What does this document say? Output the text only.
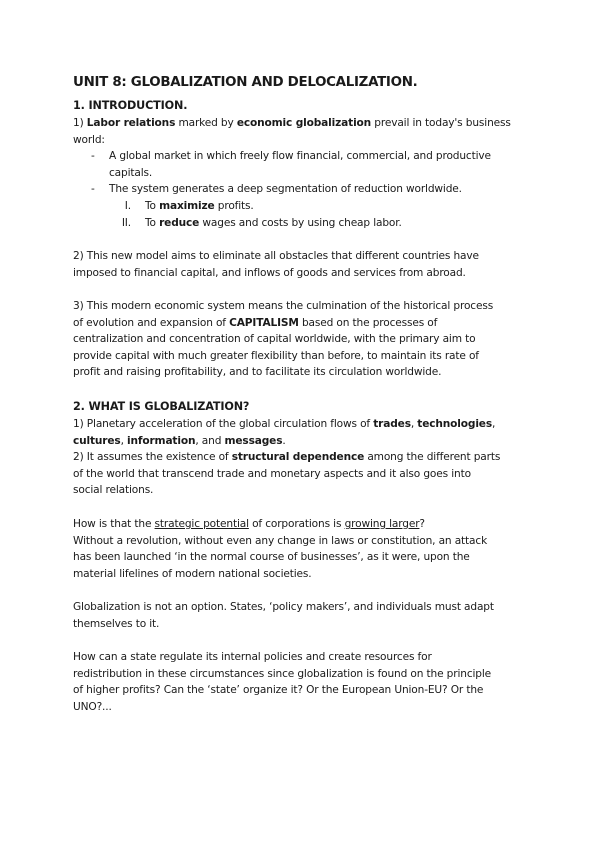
UNIT 8: GLOBALIZATION AND DELOCALIZATION.
1. INTRODUCTION.
1) Labor relations marked by economic globalization prevail in today's business
world:
- A global market in which freely flow financial, commercial, and productive
capitals.
- The system generates a deep segmentation of reduction worldwide.
I. To maximize profits.
II. To reduce wages and costs by using cheap labor.
2) This new model aims to eliminate all obstacles that different countries have
imposed to financial capital, and inflows of goods and services from abroad.
3) This modern economic system means the culmination of the historical process
of evolution and expansion of CAPITALISM based on the processes of
centralization and concentration of capital worldwide, with the primary aim to
provide capital with much greater flexibility than before, to maintain its rate of
profit and raising profitability, and to facilitate its circulation worldwide.
2. WHAT IS GLOBALIZATION?
1) Planetary acceleration of the global circulation flows of trades, technologies,
cultures, information, and messages.
2) It assumes the existence of structural dependence among the different parts
of the world that transcend trade and monetary aspects and it also goes into
social relations.
How is that the strategic potential of corporations is growing larger?
Without a revolution, without even any change in laws or constitution, an attack
has been launched ‘in the normal course of businesses’, as it were, upon the
material lifelines of modern national societies.
Globalization is not an option. States, ‘policy makers’, and individuals must adapt
themselves to it.
How can a state regulate its internal policies and create resources for
redistribution in these circumstances since globalization is found on the principle
of higher profits? Can the ‘state’ organize it? Or the European Union-EU? Or the
UNO?...
